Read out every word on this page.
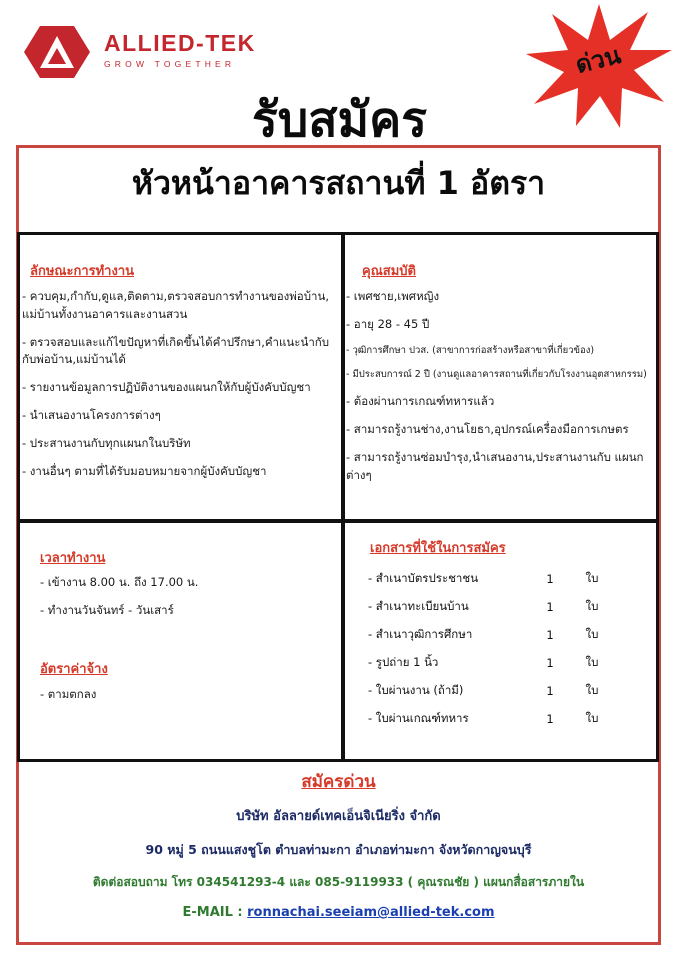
ALLIED-TEK
GROW TOGETHER	ด่วน
รับสมัคร
หัวหน้าอาคารสถานที่ 1 อัตรา
ลักษณะการทำงาน
- ควบคุม,กำกับ,ดูแล,ติดตาม,ตรวจสอบการทำงานของพ่อบ้าน, แม่บ้านทั้งงานอาคารและงานสวน
- ตรวจสอบและแก้ไขปัญหาที่เกิดขึ้นได้คำปรึกษา,คำแนะนำกับ กับพ่อบ้าน,แม่บ้านได้
- รายงานข้อมูลการปฏิบัติงานของแผนกให้กับผู้บังคับบัญชา
- นำเสนองานโครงการต่างๆ
- ประสานงานกับทุกแผนกในบริษัท
- งานอื่นๆ ตามที่ได้รับมอบหมายจากผู้บังคับบัญชา
คุณสมบัติ
- เพศชาย,เพศหญิง
- อายุ 28 - 45 ปี
- วุฒิการศึกษา ปวส. (สาขาการก่อสร้างหรือสาขาที่เกี่ยวข้อง)
- มีประสบการณ์ 2 ปี (งานดูแลอาคารสถานที่เกี่ยวกับโรงงานอุตสาหกรรม)
- ต้องผ่านการเกณฑ์ทหารแล้ว
- สามารถรู้งานช่าง,งานโยธา,อุปกรณ์เครื่องมือการเกษตร
- สามารถรู้งานซ่อมบำรุง,นำเสนองาน,ประสานงานกับ แผนกต่างๆ
เวลาทำงาน
- เข้างาน 8.00 น. ถึง 17.00 น.
- ทำงานวันจันทร์ - วันเสาร์
อัตราค่าจ้าง
- ตามตกลง
เอกสารที่ใช้ในการสมัคร
- สำเนาบัตรประชาชน	1	ใบ
- สำเนาทะเบียนบ้าน	1	ใบ
- สำเนาวุฒิการศึกษา	1	ใบ
- รูปถ่าย 1 นิ้ว	1	ใบ
- ใบผ่านงาน (ถ้ามี)	1	ใบ
- ใบผ่านเกณฑ์ทหาร	1	ใบ
สมัครด่วน
บริษัท อัลลายด์เทคเอ็นจิเนียริ่ง จำกัด
90 หมู่ 5 ถนนแสงชูโต ตำบลท่ามะกา อำเภอท่ามะกา จังหวัดกาญจนบุรี
ติดต่อสอบถาม โทร 034541293-4 และ 085-9119933 ( คุณรณชัย ) แผนกสื่อสารภายใน
E-MAIL : ronnachai.seeiam@allied-tek.com
